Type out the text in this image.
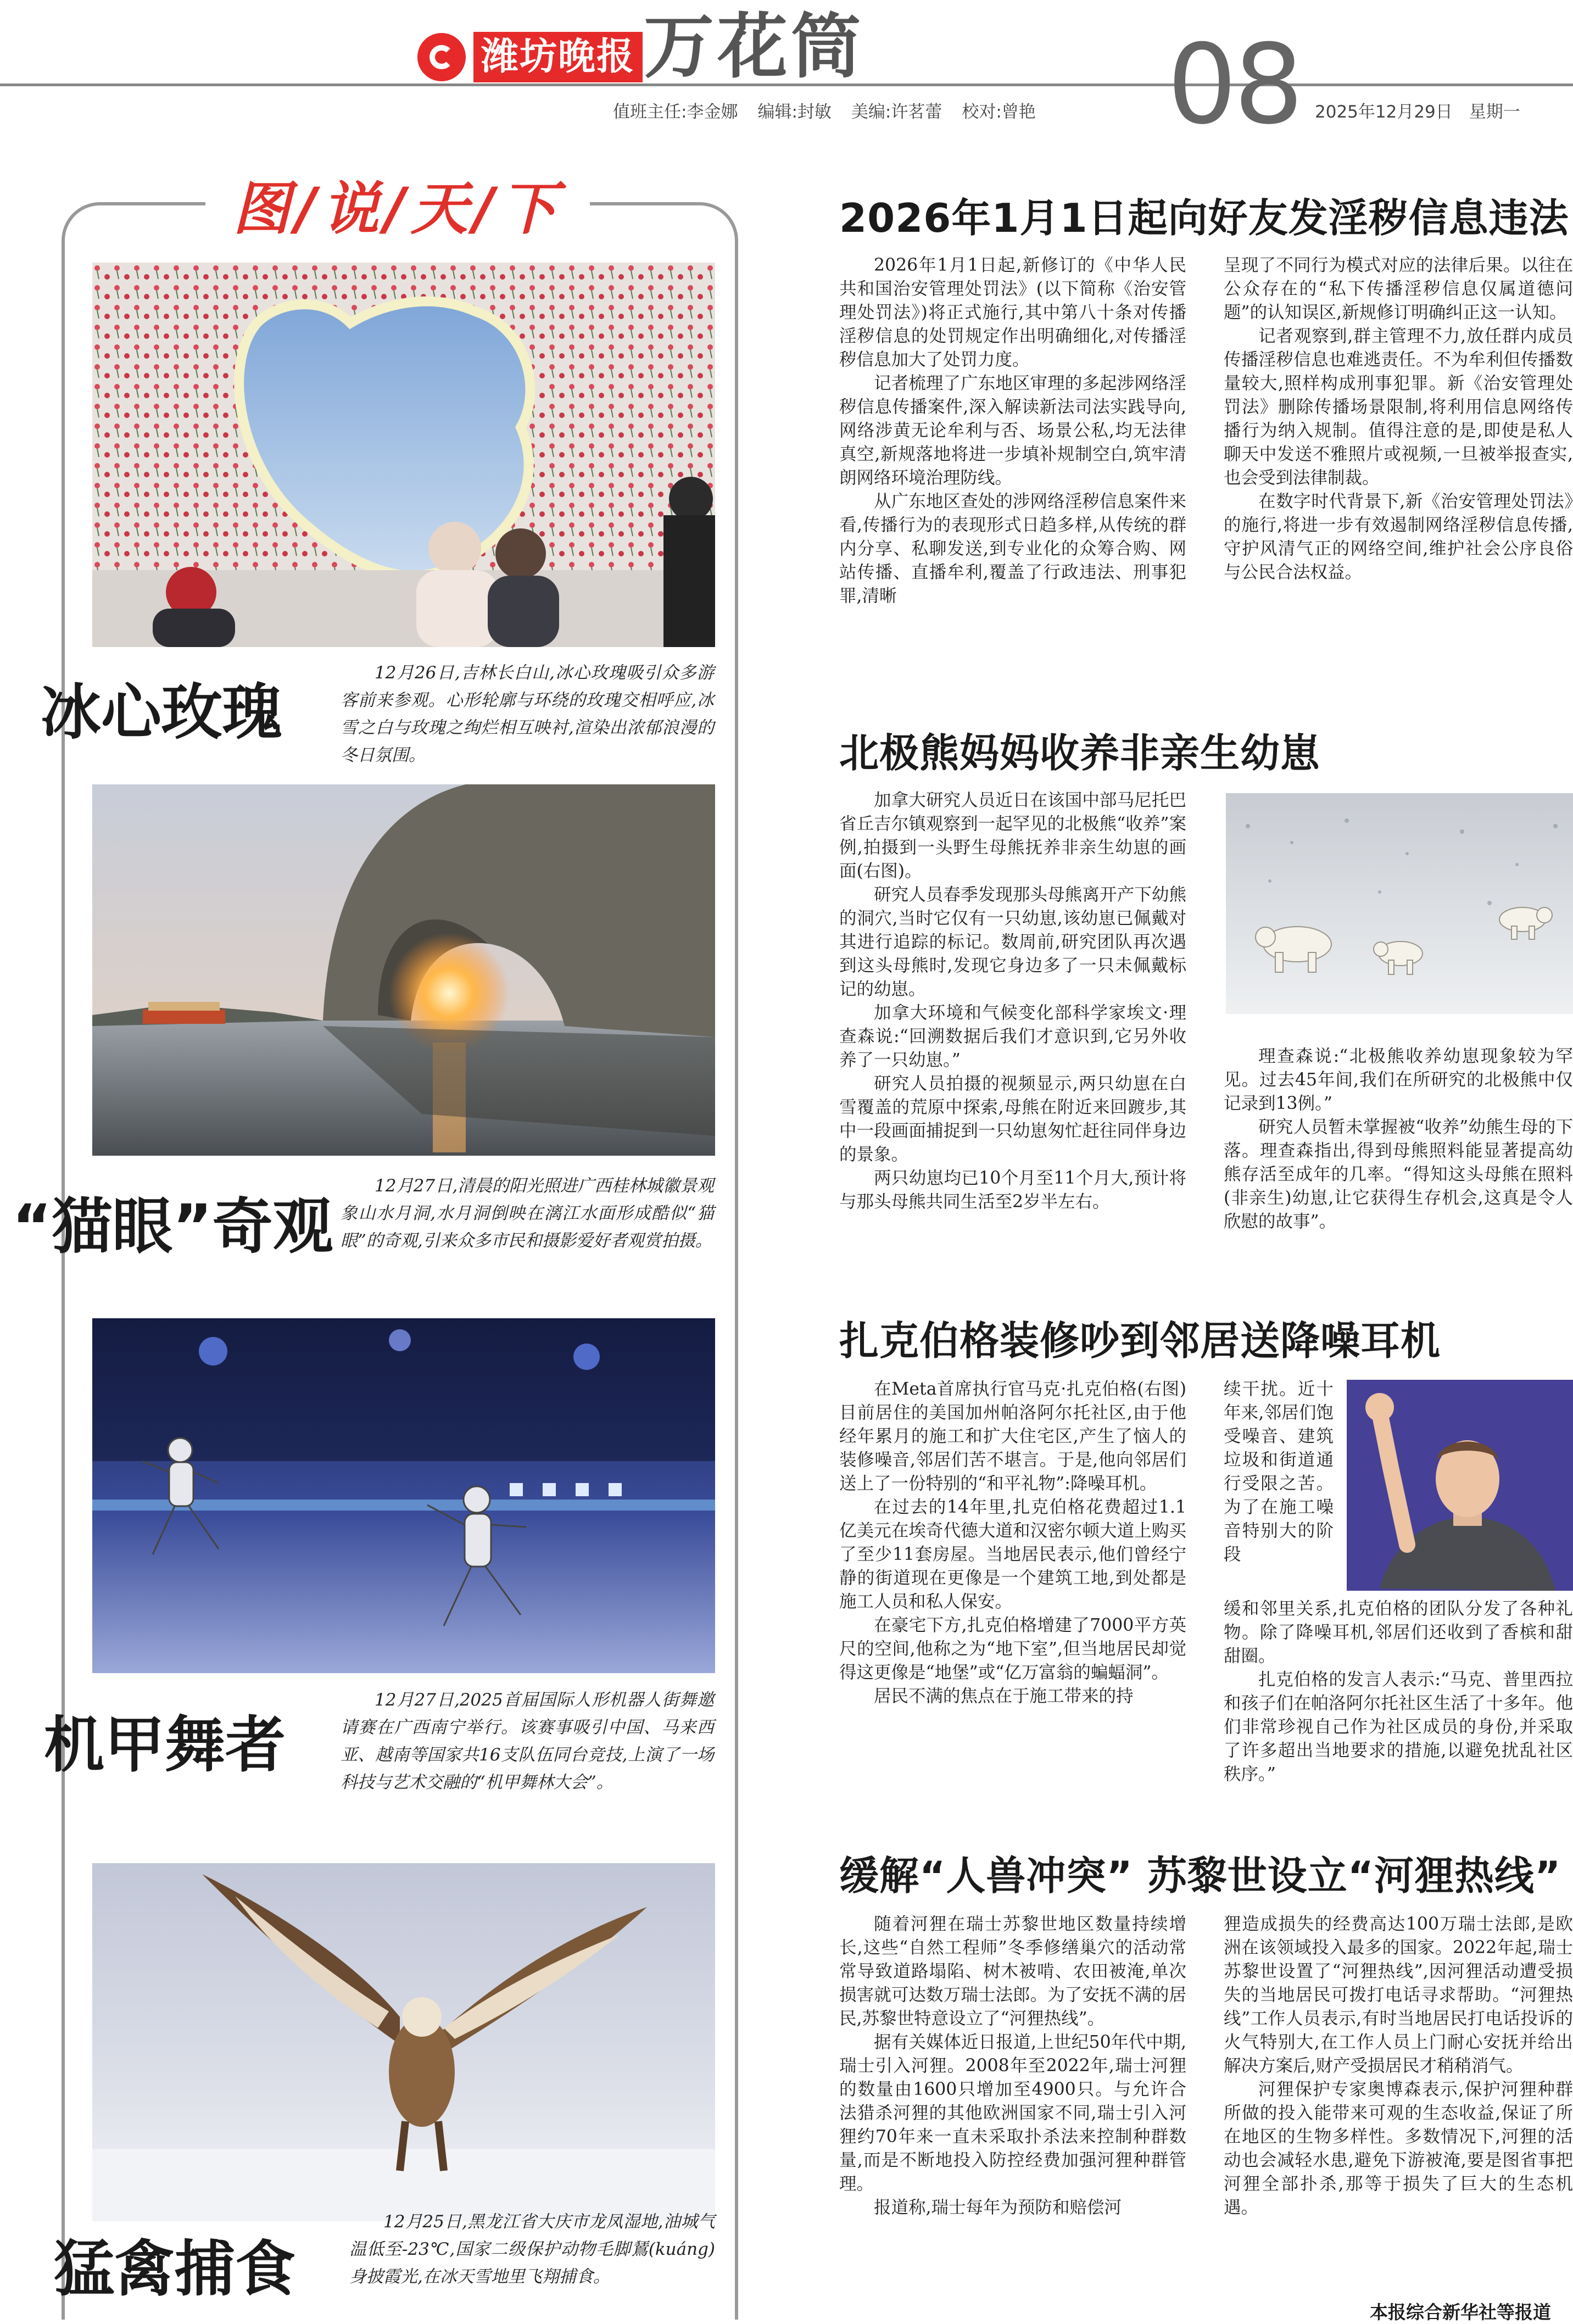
潍坊晚报 万花筒	08
值班主任:李金娜 编辑:封敏 美编:许茗蕾 校对:曾艳	2025年12月29日 星期一
图/说/天/下
冰心玫瑰
12月26日,吉林长白山,冰心玫瑰吸引众多游客前来参观。心形轮廓与环绕的玫瑰交相呼应,冰雪之白与玫瑰之绚烂相互映衬,渲染出浓郁浪漫的冬日氛围。
“猫眼”奇观
12月27日,清晨的阳光照进广西桂林城徽景观象山水月洞,水月洞倒映在漓江水面形成酷似“猫眼”的奇观,引来众多市民和摄影爱好者观赏拍摄。
机甲舞者
12月27日,2025首届国际人形机器人街舞邀请赛在广西南宁举行。该赛事吸引中国、马来西亚、越南等国家共16支队伍同台竞技,上演了一场科技与艺术交融的“机甲舞林大会”。
猛禽捕食
12月25日,黑龙江省大庆市龙凤湿地,油城气温低至-23℃,国家二级保护动物毛脚鵟(kuáng)身披霞光,在冰天雪地里飞翔捕食。
2026年1月1日起向好友发淫秽信息违法

2026年1月1日起,新修订的《中华人民共和国治安管理处罚法》(以下简称《治安管理处罚法》)将正式施行,其中第八十条对传播淫秽信息的处罚规定作出明确细化,对传播淫秽信息加大了处罚力度。

记者梳理了广东地区审理的多起涉网络淫秽信息传播案件,深入解读新法司法实践导向,网络涉黄无论牟利与否、场景公私,均无法律真空,新规落地将进一步填补规制空白,筑牢清朗网络环境治理防线。

从广东地区查处的涉网络淫秽信息案件来看,传播行为的表现形式日趋多样,从传统的群内分享、私聊发送,到专业化的众筹合购、网站传播、直播牟利,覆盖了行政违法、刑事犯罪,清晰

呈现了不同行为模式对应的法律后果。以往在公众存在的“私下传播淫秽信息仅属道德问题”的认知误区,新规修订明确纠正这一认知。

记者观察到,群主管理不力,放任群内成员传播淫秽信息也难逃责任。不为牟利但传播数量较大,照样构成刑事犯罪。新《治安管理处罚法》删除传播场景限制,将利用信息网络传播行为纳入规制。值得注意的是,即使是私人聊天中发送不雅照片或视频,一旦被举报查实,也会受到法律制裁。

在数字时代背景下,新《治安管理处罚法》的施行,将进一步有效遏制网络淫秽信息传播,守护风清气正的网络空间,维护社会公序良俗与公民合法权益。

北极熊妈妈收养非亲生幼崽

加拿大研究人员近日在该国中部马尼托巴省丘吉尔镇观察到一起罕见的北极熊“收养”案例,拍摄到一头野生母熊抚养非亲生幼崽的画面(右图)。

研究人员春季发现那头母熊离开产下幼熊的洞穴,当时它仅有一只幼崽,该幼崽已佩戴对其进行追踪的标记。数周前,研究团队再次遇到这头母熊时,发现它身边多了一只未佩戴标记的幼崽。

加拿大环境和气候变化部科学家埃文·理查森说:“回溯数据后我们才意识到,它另外收养了一只幼崽。”

研究人员拍摄的视频显示,两只幼崽在白雪覆盖的荒原中探索,母熊在附近来回踱步,其中一段画面捕捉到一只幼崽匆忙赶往同伴身边的景象。

两只幼崽均已10个月至11个月大,预计将与那头母熊共同生活至2岁半左右。

理查森说:“北极熊收养幼崽现象较为罕见。过去45年间,我们在所研究的北极熊中仅记录到13例。”

研究人员暂未掌握被“收养”幼熊生母的下落。理查森指出,得到母熊照料能显著提高幼熊存活至成年的几率。“得知这头母熊在照料(非亲生)幼崽,让它获得生存机会,这真是令人欣慰的故事”。

扎克伯格装修吵到邻居送降噪耳机

在Meta首席执行官马克·扎克伯格(右图)目前居住的美国加州帕洛阿尔托社区,由于他经年累月的施工和扩大住宅区,产生了恼人的装修噪音,邻居们苦不堪言。于是,他向邻居们送上了一份特别的“和平礼物”:降噪耳机。

在过去的14年里,扎克伯格花费超过1.1亿美元在埃奇代德大道和汉密尔顿大道上购买了至少11套房屋。当地居民表示,他们曾经宁静的街道现在更像是一个建筑工地,到处都是施工人员和私人保安。

在豪宅下方,扎克伯格增建了7000平方英尺的空间,他称之为“地下室”,但当地居民却觉得这更像是“地堡”或“亿万富翁的蝙蝠洞”。

居民不满的焦点在于施工带来的持

续干扰。近十年来,邻居们饱受噪音、建筑垃圾和街道通行受限之苦。为了在施工噪音特别大的阶段

缓和邻里关系,扎克伯格的团队分发了各种礼物。除了降噪耳机,邻居们还收到了香槟和甜甜圈。

扎克伯格的发言人表示:“马克、普里西拉和孩子们在帕洛阿尔托社区生活了十多年。他们非常珍视自己作为社区成员的身份,并采取了许多超出当地要求的措施,以避免扰乱社区秩序。”

缓解“人兽冲突” 苏黎世设立“河狸热线”

随着河狸在瑞士苏黎世地区数量持续增长,这些“自然工程师”冬季修缮巢穴的活动常常导致道路塌陷、树木被啃、农田被淹,单次损害就可达数万瑞士法郎。为了安抚不满的居民,苏黎世特意设立了“河狸热线”。

据有关媒体近日报道,上世纪50年代中期,瑞士引入河狸。2008年至2022年,瑞士河狸的数量由1600只增加至4900只。与允许合法猎杀河狸的其他欧洲国家不同,瑞士引入河狸约70年来一直未采取扑杀法来控制种群数量,而是不断地投入防控经费加强河狸种群管理。

报道称,瑞士每年为预防和赔偿河

狸造成损失的经费高达100万瑞士法郎,是欧洲在该领域投入最多的国家。2022年起,瑞士苏黎世设置了“河狸热线”,因河狸活动遭受损失的当地居民可拨打电话寻求帮助。“河狸热线”工作人员表示,有时当地居民打电话投诉的火气特别大,在工作人员上门耐心安抚并给出解决方案后,财产受损居民才稍稍消气。

河狸保护专家奥博森表示,保护河狸种群所做的投入能带来可观的生态收益,保证了所在地区的生物多样性。多数情况下,河狸的活动也会减轻水患,避免下游被淹,要是图省事把河狸全部扑杀,那等于损失了巨大的生态机遇。

本报综合新华社等报道
